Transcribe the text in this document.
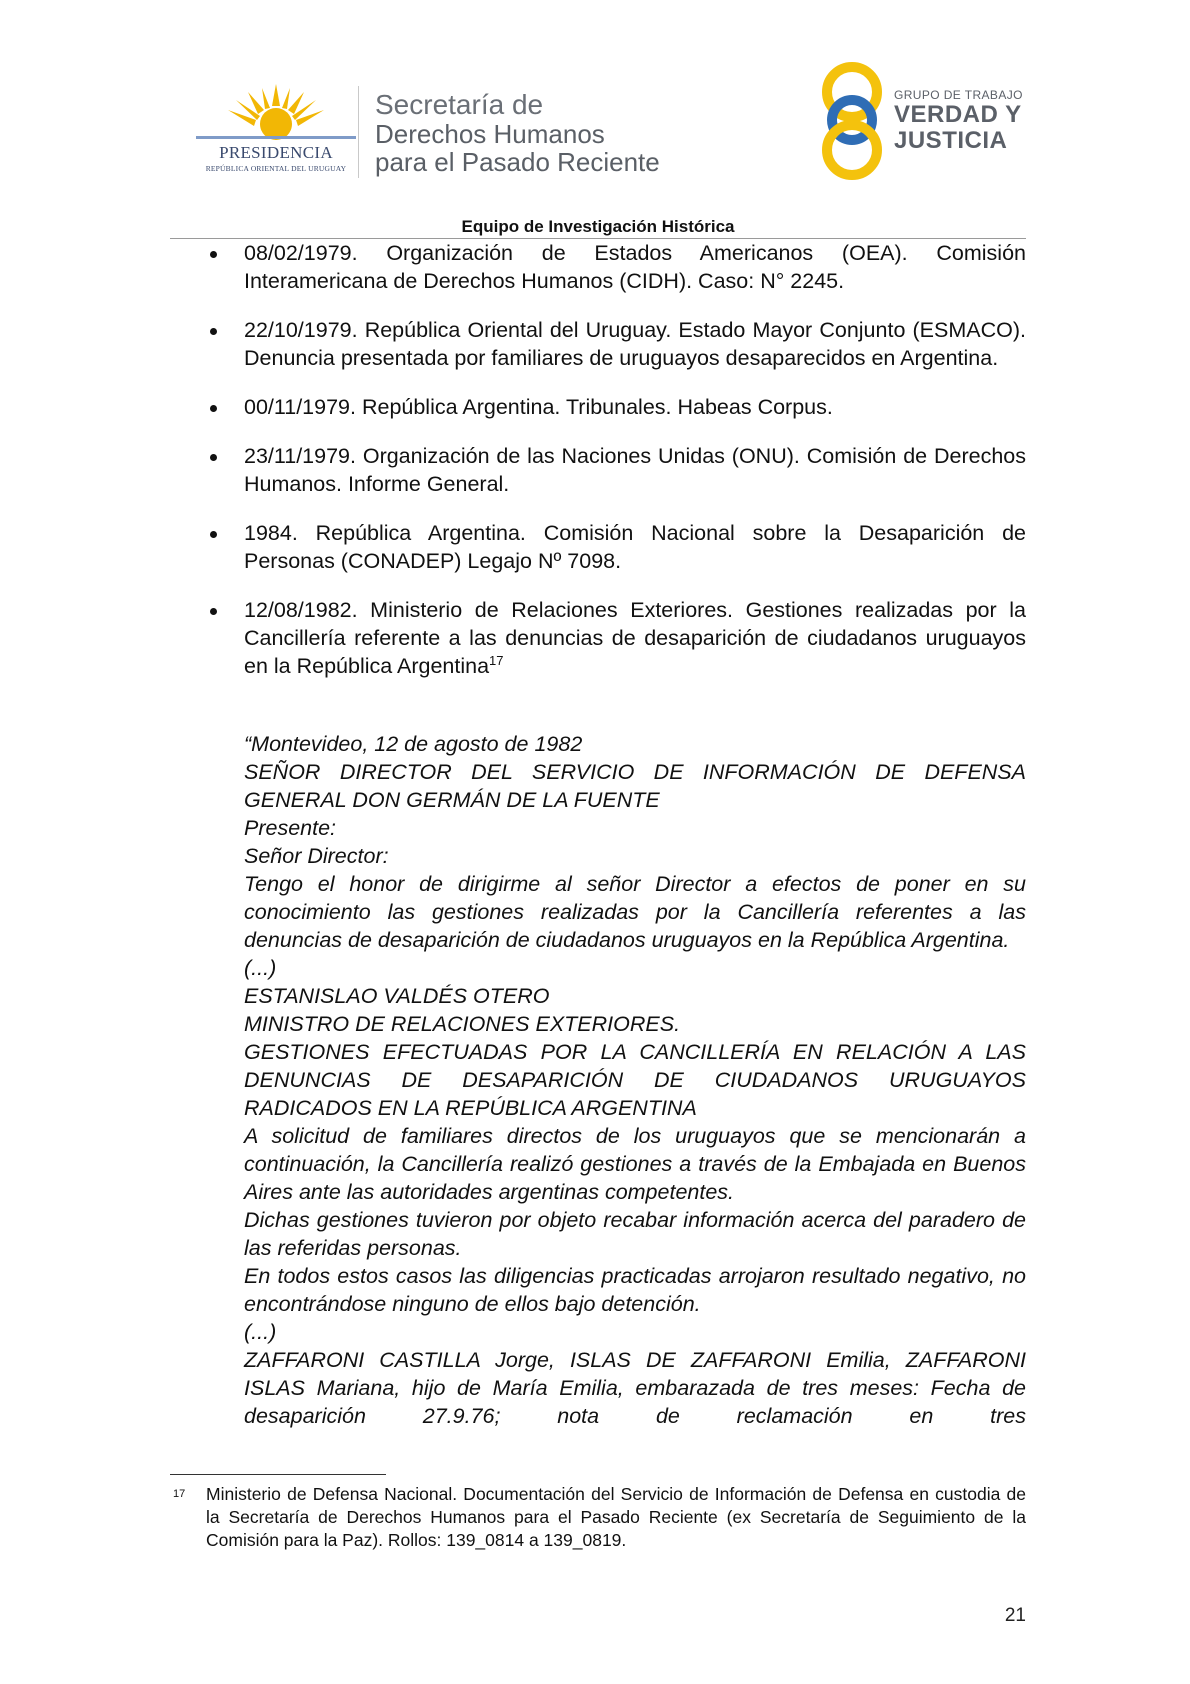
PRESIDENCIA
REPÚBLICA ORIENTAL DEL URUGUAY
Secretaría de
Derechos Humanos
para el Pasado Reciente
GRUPO DE TRABAJO
VERDAD Y
JUSTICIA
Equipo de Investigación Histórica
08/02/1979. Organización de Estados Americanos (OEA). Comisión Interamericana de Derechos Humanos (CIDH). Caso: N° 2245.
22/10/1979. República Oriental del Uruguay. Estado Mayor Conjunto (ESMACO). Denuncia presentada por familiares de uruguayos desaparecidos en Argentina.
00/11/1979. República Argentina. Tribunales. Habeas Corpus.
23/11/1979. Organización de las Naciones Unidas (ONU). Comisión de Derechos Humanos. Informe General.
1984. República Argentina. Comisión Nacional sobre la Desaparición de Personas (CONADEP) Legajo Nº 7098.
12/08/1982. Ministerio de Relaciones Exteriores. Gestiones realizadas por la Cancillería referente a las denuncias de desaparición de ciudadanos uruguayos en la República Argentina$^{17}$
“Montevideo, 12 de agosto de 1982
SEÑOR DIRECTOR DEL SERVICIO DE INFORMACIÓN DE DEFENSA GENERAL DON GERMÁN DE LA FUENTE
Presente:
Señor Director:
Tengo el honor de dirigirme al señor Director a efectos de poner en su conocimiento las gestiones realizadas por la Cancillería referentes a las denuncias de desaparición de ciudadanos uruguayos en la República Argentina.
(...)
ESTANISLAO VALDÉS OTERO
MINISTRO DE RELACIONES EXTERIORES.
GESTIONES EFECTUADAS POR LA CANCILLERÍA EN RELACIÓN A LAS DENUNCIAS DE DESAPARICIÓN DE CIUDADANOS URUGUAYOS RADICADOS EN LA REPÚBLICA ARGENTINA
A solicitud de familiares directos de los uruguayos que se mencionarán a continuación, la Cancillería realizó gestiones a través de la Embajada en Buenos Aires ante las autoridades argentinas competentes.
Dichas gestiones tuvieron por objeto recabar información acerca del paradero de las referidas personas.
En todos estos casos las diligencias practicadas arrojaron resultado negativo, no encontrándose ninguno de ellos bajo detención.
(...)
ZAFFARONI CASTILLA Jorge, ISLAS DE ZAFFARONI Emilia, ZAFFARONI ISLAS Mariana, hijo de María Emilia, embarazada de tres meses: Fecha de desaparición 27.9.76; nota de reclamación en tres
17 Ministerio de Defensa Nacional. Documentación del Servicio de Información de Defensa en custodia de la Secretaría de Derechos Humanos para el Pasado Reciente (ex Secretaría de Seguimiento de la Comisión para la Paz). Rollos: 139_0814 a 139_0819.
21
